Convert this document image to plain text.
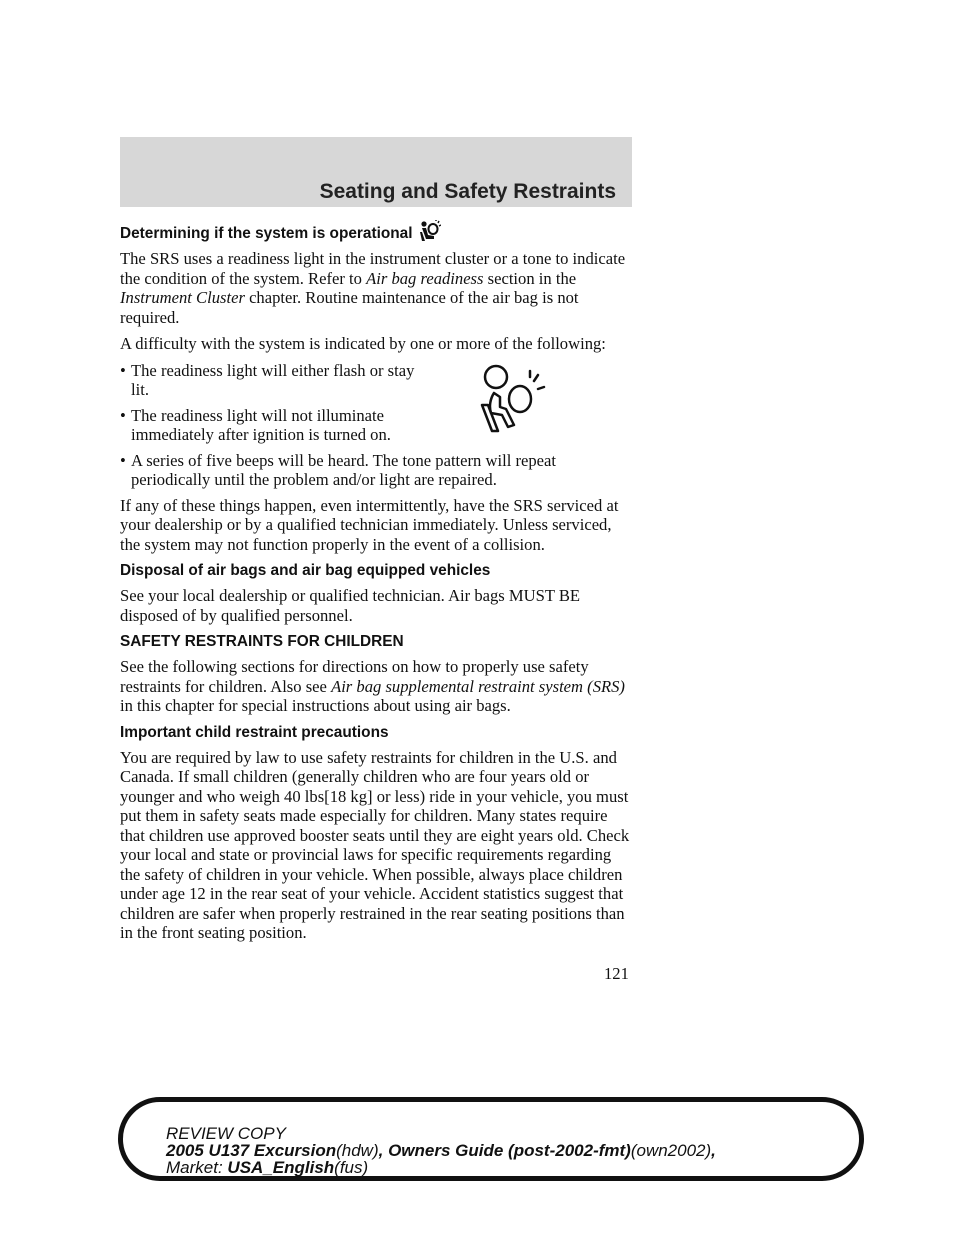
Seating and Safety Restraints
Determining if the system is operational

The SRS uses a readiness light in the instrument cluster or a tone to indicate the condition of the system. Refer to Air bag readiness section in the Instrument Cluster chapter. Routine maintenance of the air bag is not required.

A difficulty with the system is indicated by one or more of the following:

• The readiness light will either flash or stay lit.
• The readiness light will not illuminate immediately after ignition is turned on.
• A series of five beeps will be heard. The tone pattern will repeat periodically until the problem and/or light are repaired.

If any of these things happen, even intermittently, have the SRS serviced at your dealership or by a qualified technician immediately. Unless serviced, the system may not function properly in the event of a collision.

Disposal of air bags and air bag equipped vehicles

See your local dealership or qualified technician. Air bags MUST BE disposed of by qualified personnel.

SAFETY RESTRAINTS FOR CHILDREN

See the following sections for directions on how to properly use safety restraints for children. Also see Air bag supplemental restraint system (SRS) in this chapter for special instructions about using air bags.

Important child restraint precautions

You are required by law to use safety restraints for children in the U.S. and Canada. If small children (generally children who are four years old or younger and who weigh 40 lbs[18 kg] or less) ride in your vehicle, you must put them in safety seats made especially for children. Many states require that children use approved booster seats until they are eight years old. Check your local and state or provincial laws for specific requirements regarding the safety of children in your vehicle. When possible, always place children under age 12 in the rear seat of your vehicle. Accident statistics suggest that children are safer when properly restrained in the rear seating positions than in the front seating position.

121
REVIEW COPY
2005 U137 Excursion(hdw), Owners Guide (post-2002-fmt)(own2002),
Market: USA_English(fus)
